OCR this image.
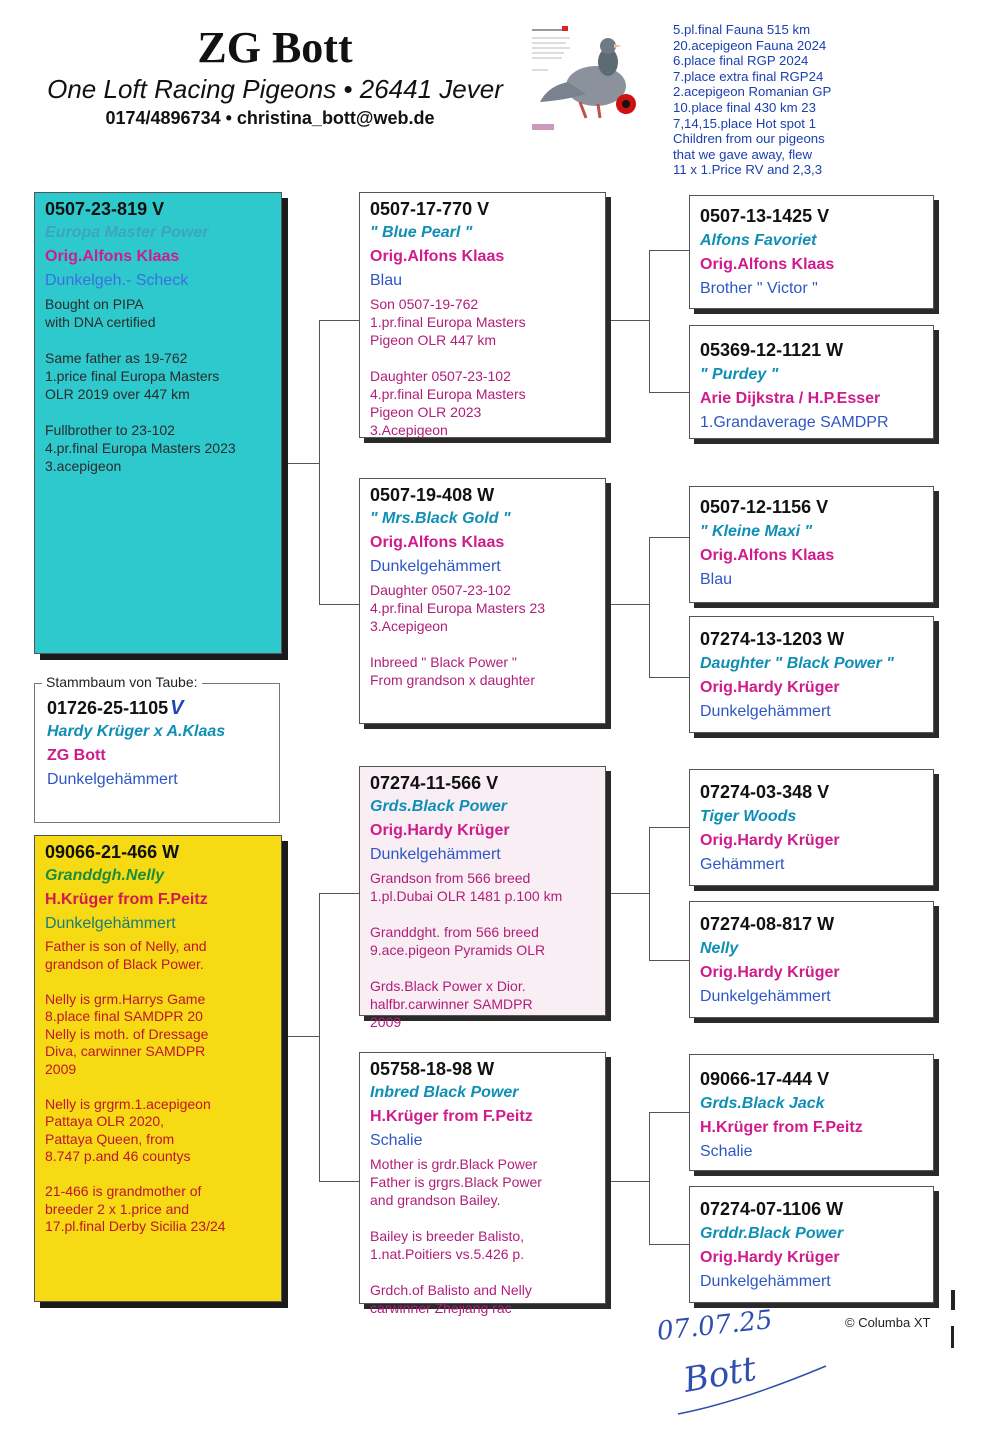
ZG Bott
One Loft Racing Pigeons • 26441 Jever
0174/4896734 • christina_bott@web.de
5.pl.final Fauna 515 km
20.acepigeon Fauna 2024
6.place final RGP 2024
7.place extra final RGP24
2.acepigeon Romanian GP
10.place final 430 km 23
7,14,15.place Hot spot 1
Children from our pigeons
that we gave away, flew
11 x 1.Price RV and 2,3,3
0507-23-819 V
Europa Master Power
Orig.Alfons Klaas
Dunkelgeh.- Scheck
Bought on PIPA
with DNA certified

Same father as 19-762
1.price final Europa Masters
OLR 2019 over 447 km

Fullbrother to 23-102
4.pr.final Europa Masters 2023
3.acepigeon
01726-25-1105 V
Hardy Krüger x A.Klaas
ZG Bott
Dunkelgehämmert
Stammbaum von Taube:
09066-21-466 W
Granddgh.Nelly
H.Krüger from F.Peitz
Dunkelgehämmert
Father is son of Nelly, and
grandson of Black Power.

Nelly is grm.Harrys Game
8.place final SAMDPR 20
Nelly is moth. of Dressage
Diva, carwinner SAMDPR
2009

Nelly is grgrm.1.acepigeon
Pattaya OLR 2020,
Pattaya Queen, from
8.747 p.and 46 countys

21-466 is grandmother of
breeder 2 x 1.price and
17.pl.final Derby Sicilia 23/24
0507-17-770 V
" Blue Pearl "
Orig.Alfons Klaas
Blau
Son 0507-19-762
1.pr.final Europa Masters
Pigeon OLR 447 km

Daughter 0507-23-102
4.pr.final Europa Masters
Pigeon OLR 2023
3.Acepigeon
0507-19-408 W
" Mrs.Black Gold "
Orig.Alfons Klaas
Dunkelgehämmert
Daughter 0507-23-102
4.pr.final Europa Masters 23
3.Acepigeon

Inbreed " Black Power "
From grandson x daughter
07274-11-566 V
Grds.Black Power
Orig.Hardy Krüger
Dunkelgehämmert
Grandson from 566 breed
1.pl.Dubai OLR 1481 p.100 km

Granddght. from 566 breed
9.ace.pigeon Pyramids OLR

Grds.Black Power x Dior.
halfbr.carwinner SAMDPR
2009
05758-18-98 W
Inbred Black Power
H.Krüger from F.Peitz
Schalie
Mother is grdr.Black Power
Father is grgrs.Black Power
and grandson Bailey.

Bailey is breeder Balisto,
1.nat.Poitiers vs.5.426 p.

Grdch.of Balisto and Nelly
carwinner Zhejiang rac
0507-13-1425 V
Alfons Favoriet
Orig.Alfons Klaas
Brother " Victor "
05369-12-1121 W
" Purdey "
Arie Dijkstra / H.P.Esser
1.Grandaverage SAMDPR
0507-12-1156 V
" Kleine Maxi "
Orig.Alfons Klaas
Blau
07274-13-1203 W
Daughter " Black Power "
Orig.Hardy Krüger
Dunkelgehämmert
07274-03-348 V
Tiger Woods
Orig.Hardy Krüger
Gehämmert
07274-08-817 W
Nelly
Orig.Hardy Krüger
Dunkelgehämmert
09066-17-444 V
Grds.Black Jack
H.Krüger from F.Peitz
Schalie
07274-07-1106 W
Grddr.Black Power
Orig.Hardy Krüger
Dunkelgehämmert
© Columba XT
07.07.25
Bott
